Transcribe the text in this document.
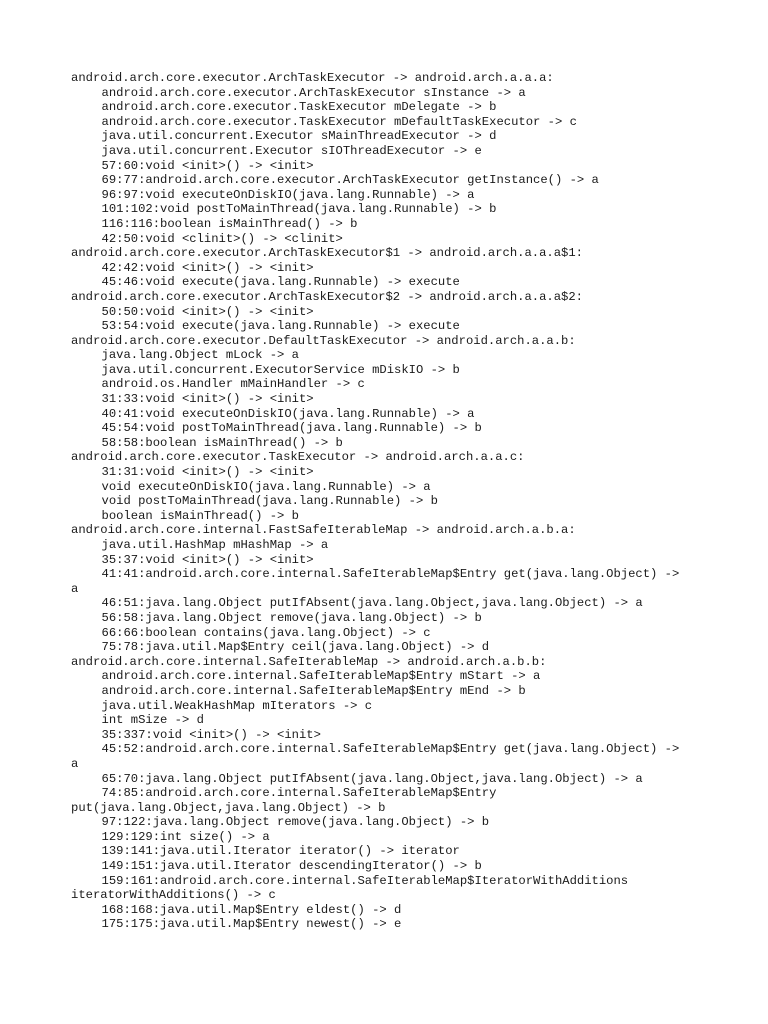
android.arch.core.executor.ArchTaskExecutor -> android.arch.a.a.a:
android.arch.core.executor.ArchTaskExecutor sInstance -> a
android.arch.core.executor.TaskExecutor mDelegate -> b
android.arch.core.executor.TaskExecutor mDefaultTaskExecutor -> c
java.util.concurrent.Executor sMainThreadExecutor -> d
java.util.concurrent.Executor sIOThreadExecutor -> e
57:60:void <init>() -> <init>
69:77:android.arch.core.executor.ArchTaskExecutor getInstance() -> a
96:97:void executeOnDiskIO(java.lang.Runnable) -> a
101:102:void postToMainThread(java.lang.Runnable) -> b
116:116:boolean isMainThread() -> b
42:50:void <clinit>() -> <clinit>
android.arch.core.executor.ArchTaskExecutor$1 -> android.arch.a.a.a$1:
42:42:void <init>() -> <init>
45:46:void execute(java.lang.Runnable) -> execute
android.arch.core.executor.ArchTaskExecutor$2 -> android.arch.a.a.a$2:
50:50:void <init>() -> <init>
53:54:void execute(java.lang.Runnable) -> execute
android.arch.core.executor.DefaultTaskExecutor -> android.arch.a.a.b:
java.lang.Object mLock -> a
java.util.concurrent.ExecutorService mDiskIO -> b
android.os.Handler mMainHandler -> c
31:33:void <init>() -> <init>
40:41:void executeOnDiskIO(java.lang.Runnable) -> a
45:54:void postToMainThread(java.lang.Runnable) -> b
58:58:boolean isMainThread() -> b
android.arch.core.executor.TaskExecutor -> android.arch.a.a.c:
31:31:void <init>() -> <init>
void executeOnDiskIO(java.lang.Runnable) -> a
void postToMainThread(java.lang.Runnable) -> b
boolean isMainThread() -> b
android.arch.core.internal.FastSafeIterableMap -> android.arch.a.b.a:
java.util.HashMap mHashMap -> a
35:37:void <init>() -> <init>
41:41:android.arch.core.internal.SafeIterableMap$Entry get(java.lang.Object) ->
a
46:51:java.lang.Object putIfAbsent(java.lang.Object,java.lang.Object) -> a
56:58:java.lang.Object remove(java.lang.Object) -> b
66:66:boolean contains(java.lang.Object) -> c
75:78:java.util.Map$Entry ceil(java.lang.Object) -> d
android.arch.core.internal.SafeIterableMap -> android.arch.a.b.b:
android.arch.core.internal.SafeIterableMap$Entry mStart -> a
android.arch.core.internal.SafeIterableMap$Entry mEnd -> b
java.util.WeakHashMap mIterators -> c
int mSize -> d
35:337:void <init>() -> <init>
45:52:android.arch.core.internal.SafeIterableMap$Entry get(java.lang.Object) ->
a
65:70:java.lang.Object putIfAbsent(java.lang.Object,java.lang.Object) -> a
74:85:android.arch.core.internal.SafeIterableMap$Entry
put(java.lang.Object,java.lang.Object) -> b
97:122:java.lang.Object remove(java.lang.Object) -> b
129:129:int size() -> a
139:141:java.util.Iterator iterator() -> iterator
149:151:java.util.Iterator descendingIterator() -> b
159:161:android.arch.core.internal.SafeIterableMap$IteratorWithAdditions
iteratorWithAdditions() -> c
168:168:java.util.Map$Entry eldest() -> d
175:175:java.util.Map$Entry newest() -> e
